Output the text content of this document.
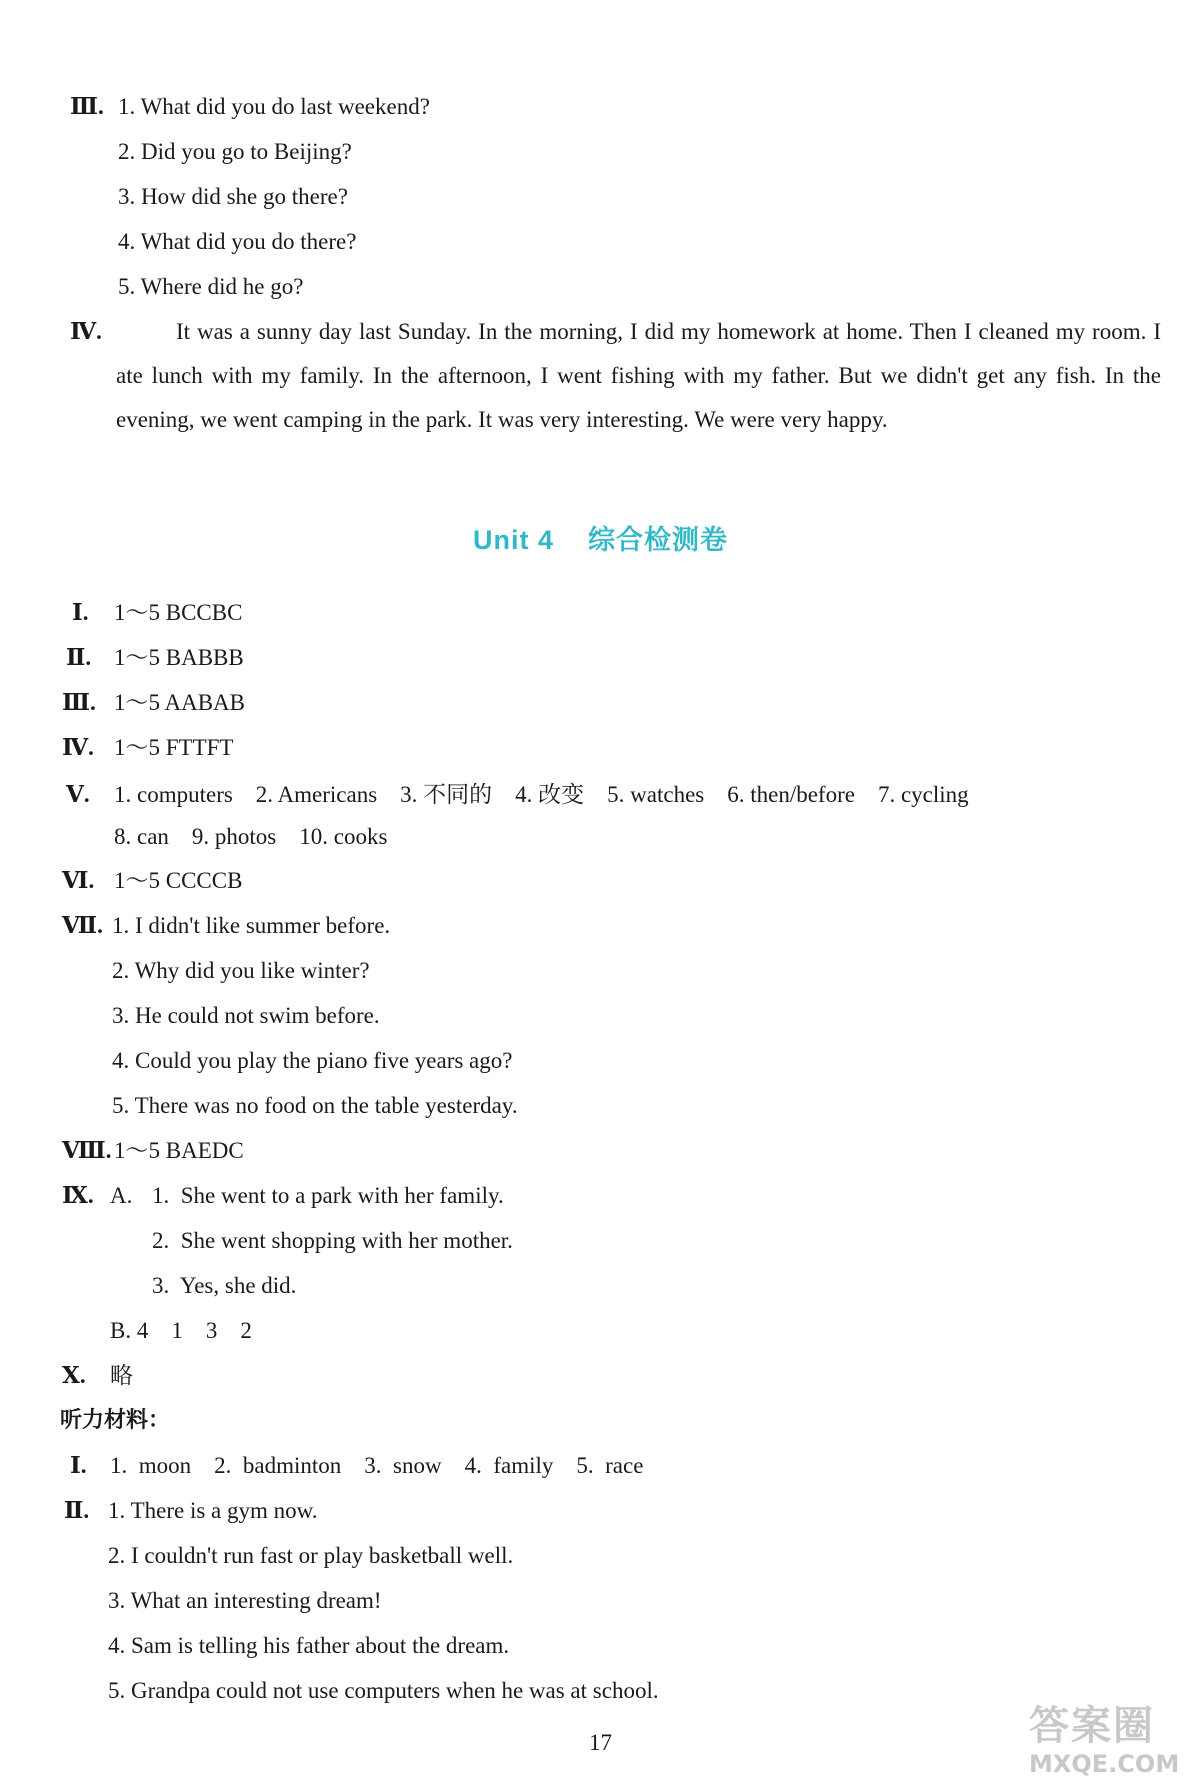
Ⅲ. 1. What did you do last weekend?
2. Did you go to Beijing?
3. How did she go there?
4. What did you do there?
5. Where did he go?
Ⅳ.	It was a sunny day last Sunday. In the morning, I did my homework at home. Then I cleaned my room. I ate lunch with my family. In the afternoon, I went fishing with my father. But we didn't get any fish. In the evening, we went camping in the park. It was very interesting. We were very happy.
Unit 4 综合检测卷
Ⅰ. 1～5 BCCBC
Ⅱ. 1～5 BABBB
Ⅲ. 1～5 AABAB
Ⅳ. 1～5 FTTFT
Ⅴ. 1. computers    2. Americans    3. 不同的    4. 改变    5. watches    6. then/before    7. cycling
8. can    9. photos    10. cooks
Ⅵ. 1～5 CCCCB
Ⅶ. 1. I didn't like summer before.
2. Why did you like winter?
3. He could not swim before.
4. Could you play the piano five years ago?
5. There was no food on the table yesterday.
Ⅷ. 1～5 BAEDC
Ⅸ. A. 1.  She went to a park with her family.
2.  She went shopping with her mother.
3.  Yes, she did.
B. 4    1    3    2
Ⅹ. 略
听力材料：
Ⅰ. 1.  moon    2.  badminton    3.  snow    4.  family    5.  race
Ⅱ. 1. There is a gym now.
2. I couldn't run fast or play basketball well.
3. What an interesting dream!
4. Sam is telling his father about the dream.
5. Grandpa could not use computers when he was at school.
17	答案圈
MXQE.COM
